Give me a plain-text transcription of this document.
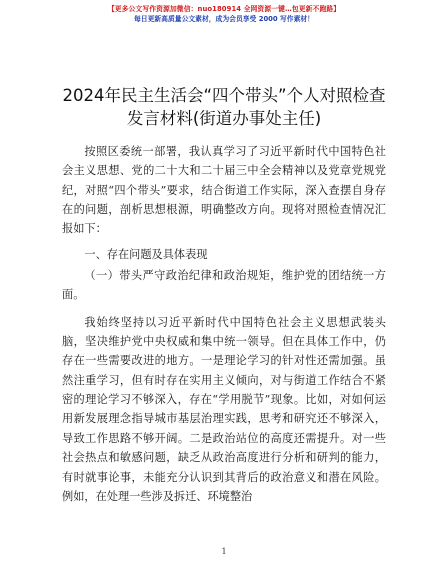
【更多公文写作资源加微信：nuo180914 全网资源一键…包更新不跑路】
每日更新高质量公文素材，成为会员享受 2000 写作素材！
2024年民主生活会“四个带头”个人对照检查
发言材料(街道办事处主任)

按照区委统一部署，我认真学习了习近平新时代中国特色社会主义思想、党的二十大和二十届三中全会精神以及党章党规党纪，对照“四个带头”要求，结合街道工作实际，深入查摆自身存在的问题，剖析思想根源，明确整改方向。现将对照检查情况汇报如下：

一、存在问题及具体表现

（一）带头严守政治纪律和政治规矩，维护党的团结统一方面。

我始终坚持以习近平新时代中国特色社会主义思想武装头脑，坚决维护党中央权威和集中统一领导。但在具体工作中，仍存在一些需要改进的地方。一是理论学习的针对性还需加强。虽然注重学习，但有时存在实用主义倾向，对与街道工作结合不紧密的理论学习不够深入，存在“学用脱节”现象。比如，对如何运用新发展理念指导城市基层治理实践，思考和研究还不够深入，导致工作思路不够开阔。二是政治站位的高度还需提升。对一些社会热点和敏感问题，缺乏从政治高度进行分析和研判的能力，有时就事论事，未能充分认识到其背后的政治意义和潜在风险。例如，在处理一些涉及拆迁、环境整治

1
